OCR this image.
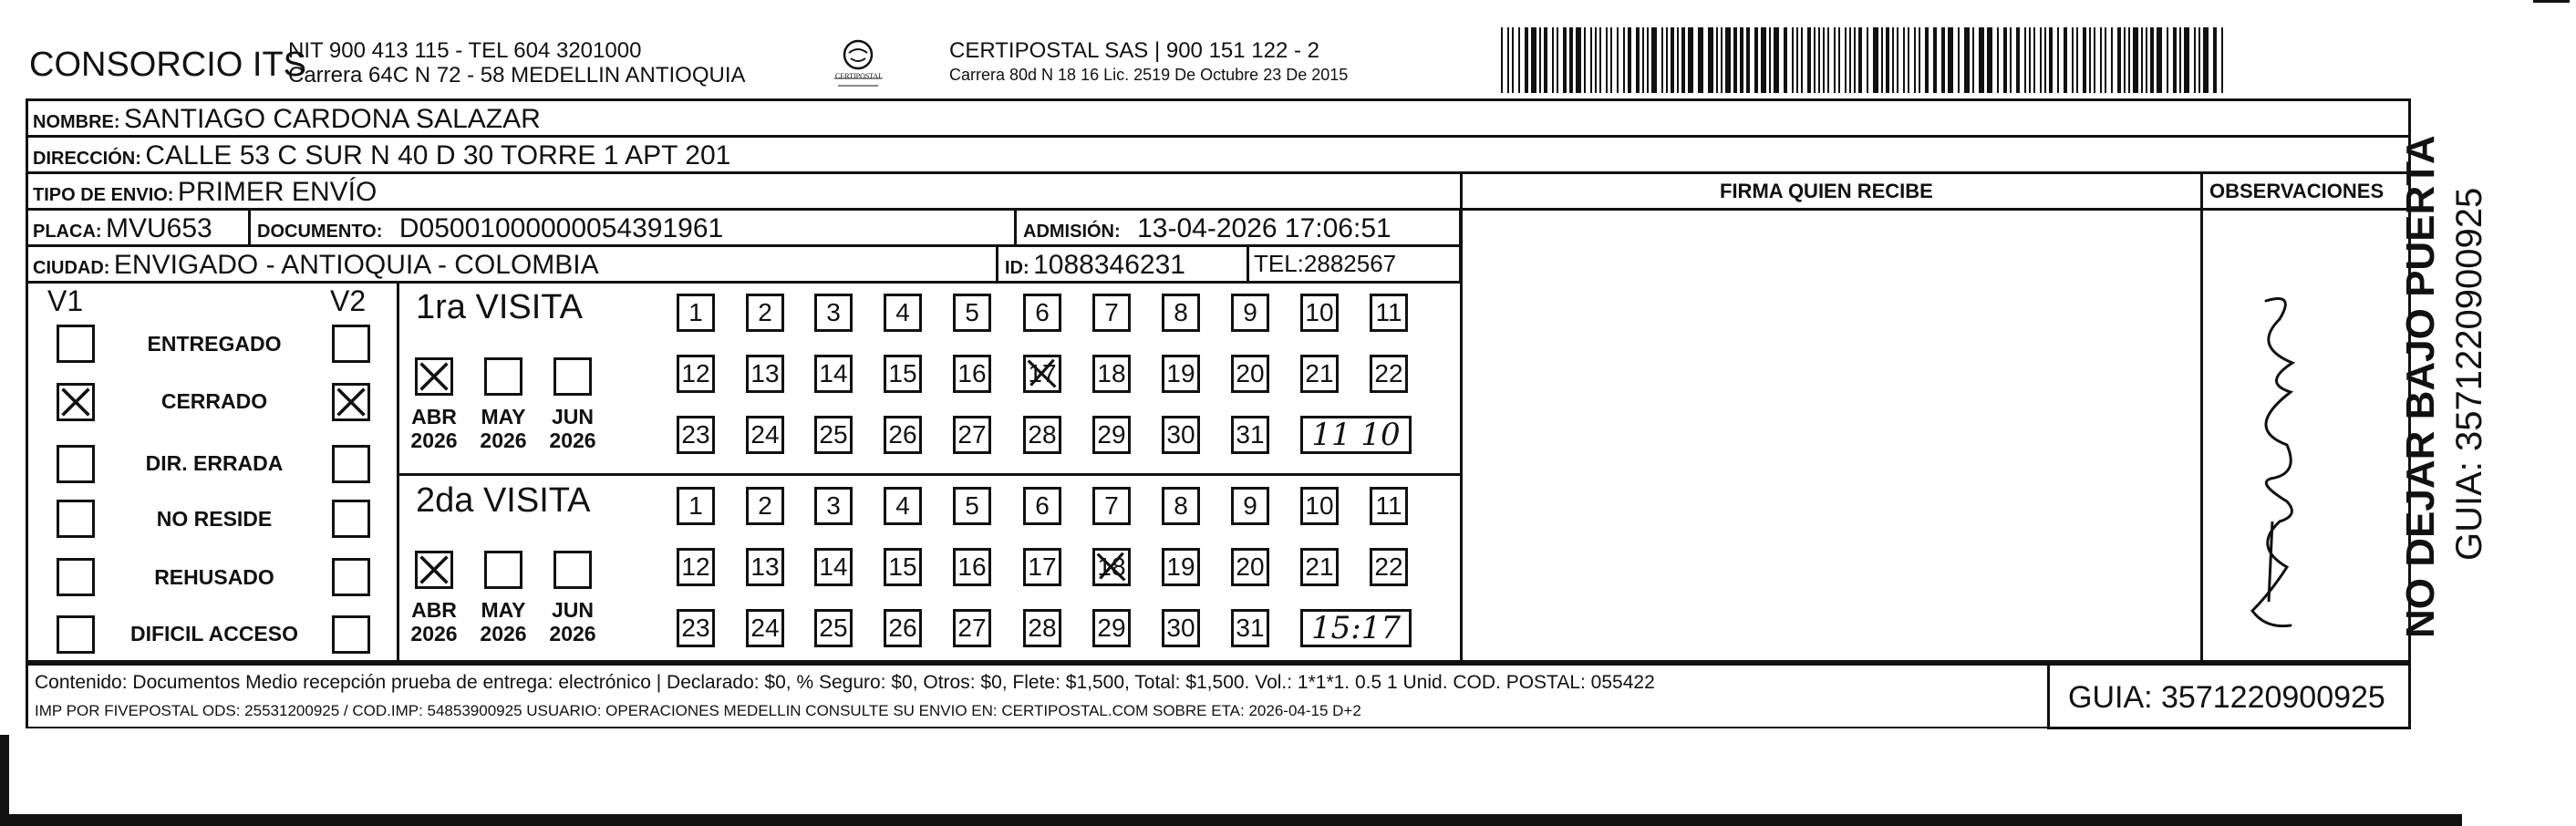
CONSORCIO ITS
NIT 900 413 115 - TEL 604 3201000
Carrera 64C N 72 - 58 MEDELLIN ANTIOQUIA	CERTIPOSTAL
CERTIPOSTAL SAS | 900 151 122 - 2
Carrera 80d N 18 16 Lic. 2519 De Octubre 23 De 2015
NOMBRE: SANTIAGO CARDONA SALAZAR
DIRECCIÓN: CALLE 53 C SUR N 40 D 30 TORRE 1 APT 201
TIPO DE ENVIO: PRIMER ENVÍO
PLACA: MVU653 DOCUMENTO: D05001000000054391961	ADMISIÓN: 13-04-2026 17:06:51
CIUDAD: ENVIGADO - ANTIOQUIA - COLOMBIA	ID: 1088346231	TEL:2882567
FIRMA QUIEN RECIBE	OBSERVACIONES
V1	V2
ENTREGADO
CERRADO
DIR. ERRADA
NO RESIDE
REHUSADO
DIFICIL ACCESO
1ra VISITA
2da VISITA
ABR
2026
MAY
2026
JUN
2026
1	2	3	4	5	6	7	8	9	10 11
12 13 14 15 16 17 18 19 20 21 22
23 24 25 26 27 28 29 30 31	11 10
ABR
2026
MAY
2026
JUN
2026
1	2	3	4	5	6	7	8	9	10 11
12 13 14 15 16 17 18 19 20 21 22
23 24 25 26 27 28 29 30 31	15:17
Contenido: Documentos Medio recepción prueba de entrega: electrónico | Declarado: $0, % Seguro: $0, Otros: $0, Flete: $1,500, Total: $1,500. Vol.: 1*1*1. 0.5 1 Unid. COD. POSTAL: 055422
IMP POR FIVEPOSTAL ODS: 25531200925 / COD.IMP: 54853900925 USUARIO: OPERACIONES MEDELLIN CONSULTE SU ENVIO EN: CERTIPOSTAL.COM SOBRE ETA: 2026-04-15 D+2	GUIA: 3571220900925
NO DEJAR BAJO PUERTA GUIA: 3571220900925
